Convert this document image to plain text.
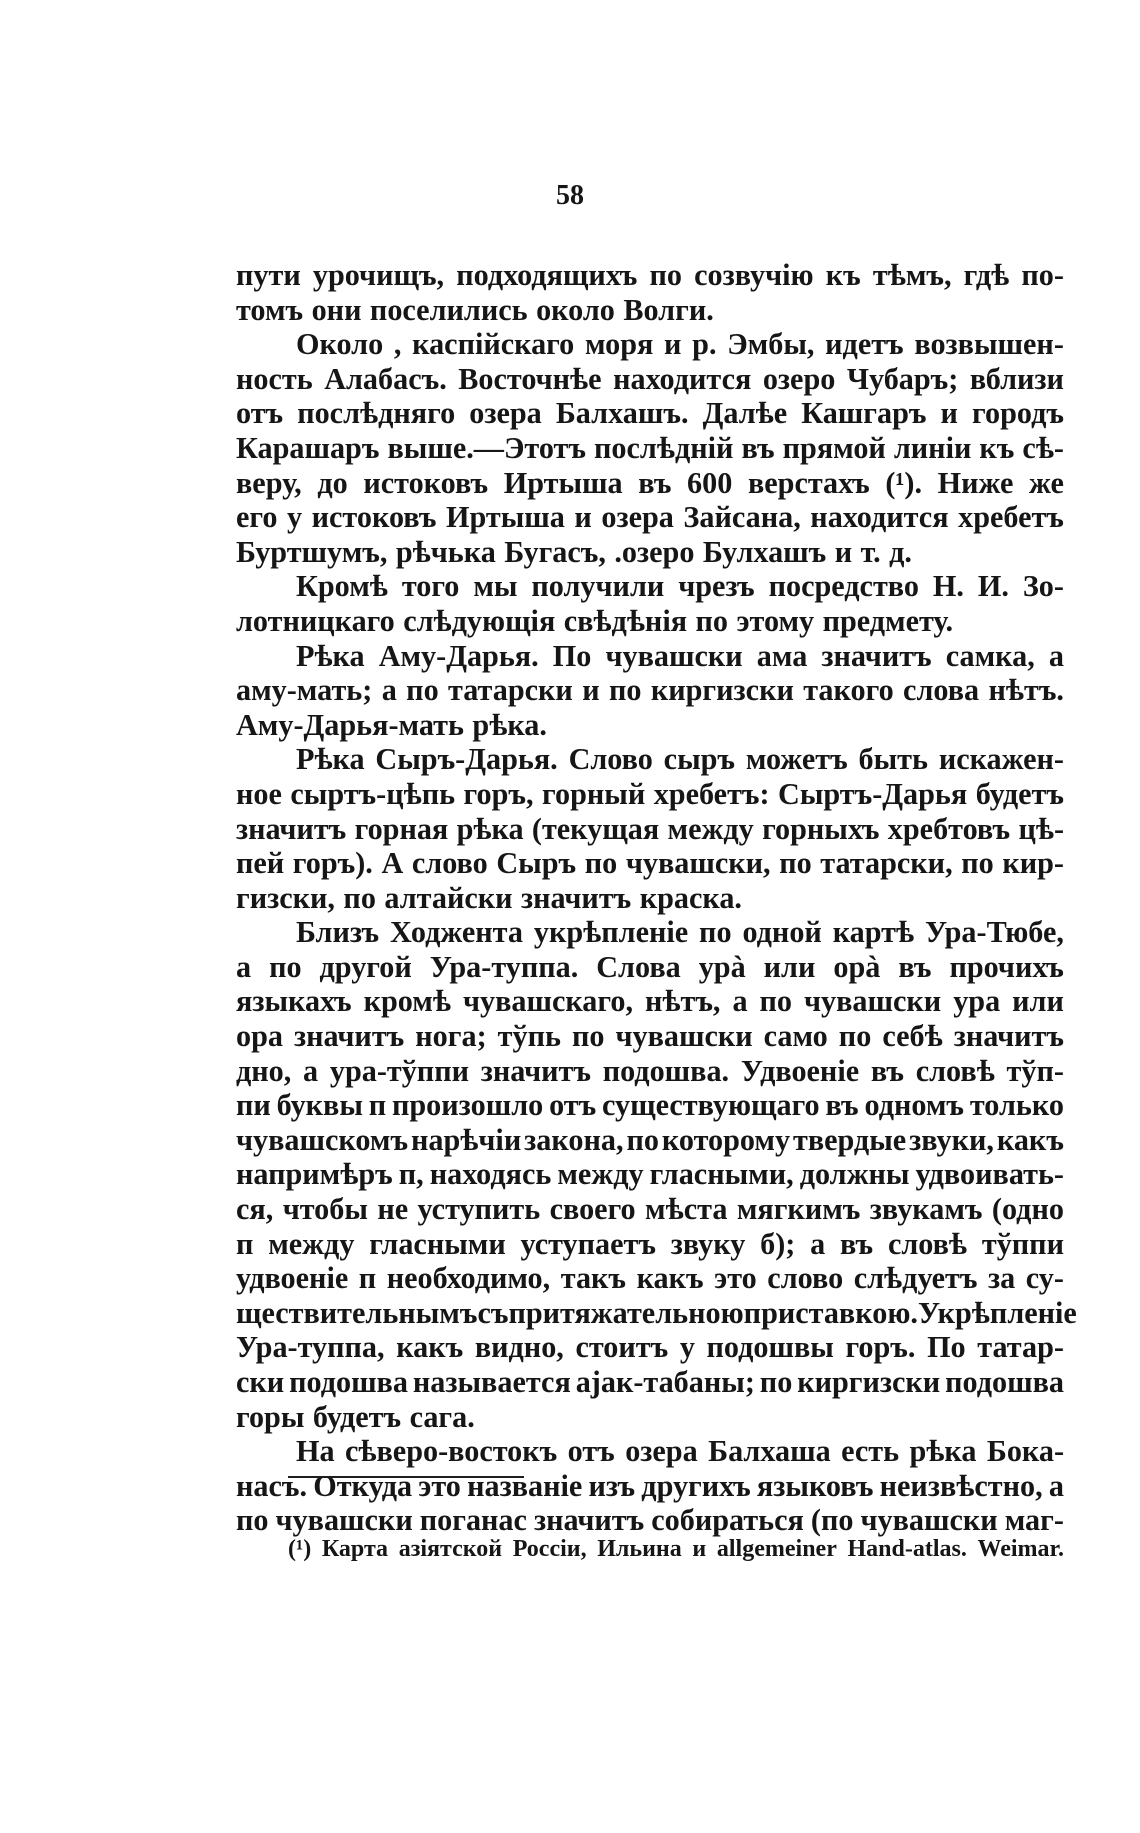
58
пути урочищъ, подходящихъ по созвучію къ тѣмъ, гдѣ по-
томъ они поселились около Волги.
Около , каспійскаго моря и р. Эмбы, идетъ возвышен-
ность Алабасъ. Восточнѣе находится озеро Чубаръ; вблизи
отъ послѣдняго озера Балхашъ. Далѣе Кашгаръ и городъ
Карашаръ выше.—Этотъ послѣдній въ прямой линіи къ сѣ-
веру, до истоковъ Иртыша въ 600 верстахъ (¹). Ниже же
его у истоковъ Иртыша и озера Зайсана, находится хребетъ
Буртшумъ, рѣчька Бугасъ, .озеро Булхашъ и т. д.
Кромѣ того мы получили чрезъ посредство Н. И. Зо-
лотницкаго слѣдующія свѣдѣнія по этому предмету.
Рѣка Аму-Дарья. По чувашски ама значитъ самка, а
аму-мать; а по татарски и по киргизски такого слова нѣтъ.
Аму-Дарья-мать рѣка.
Рѣка Сыръ-Дарья. Слово сыръ можетъ быть искажен-
ное сыртъ-цѣпь горъ, горный хребетъ: Сыртъ-Дарья будетъ
значитъ горная рѣка (текущая между горныхъ хребтовъ цѣ-
пей горъ). А слово Сыръ по чувашски, по татарски, по кир-
гизски, по алтайски значитъ краска.
Близъ Ходжента укрѣпленіе по одной картѣ Ура-Тюбе,
а по другой Ура-туппа. Слова урà или орà въ прочихъ
языкахъ кромѣ чувашскаго, нѣтъ, а по чувашски ура или
ора значитъ нога; тўпь по чувашски само по себѣ значитъ
дно, а ура-тўппи значитъ подошва. Удвоеніе въ словѣ тўп-
пи буквы п произошло отъ существующаго въ одномъ только
чувашскомъ нарѣчіи закона, по которому твердые звуки, какъ
напримѣръ п, находясь между гласными, должны удвоивать-
ся, чтобы не уступить своего мѣста мягкимъ звукамъ (одно
п между гласными уступаетъ звуку б); а въ словѣ тўппи
удвоеніе п необходимо, такъ какъ это слово слѣдуетъ за су-
ществительнымъ съ притяжательною приставкою. Укрѣпленіе
Ура-туппа, какъ видно, стоитъ у подошвы горъ. По татар-
ски подошва называется аjак-табаны; по киргизски подошва
горы будетъ сага.
На сѣверо-востокъ отъ озера Балхаша есть рѣка Бока-
насъ. Откуда это названіе изъ другихъ языковъ неизвѣстно, а
по чувашски поганас значитъ собираться (по чувашски маг-
(¹) Карта азіятской Россіи, Ильина и allgemeiner Hand-atlas. Weimar.
